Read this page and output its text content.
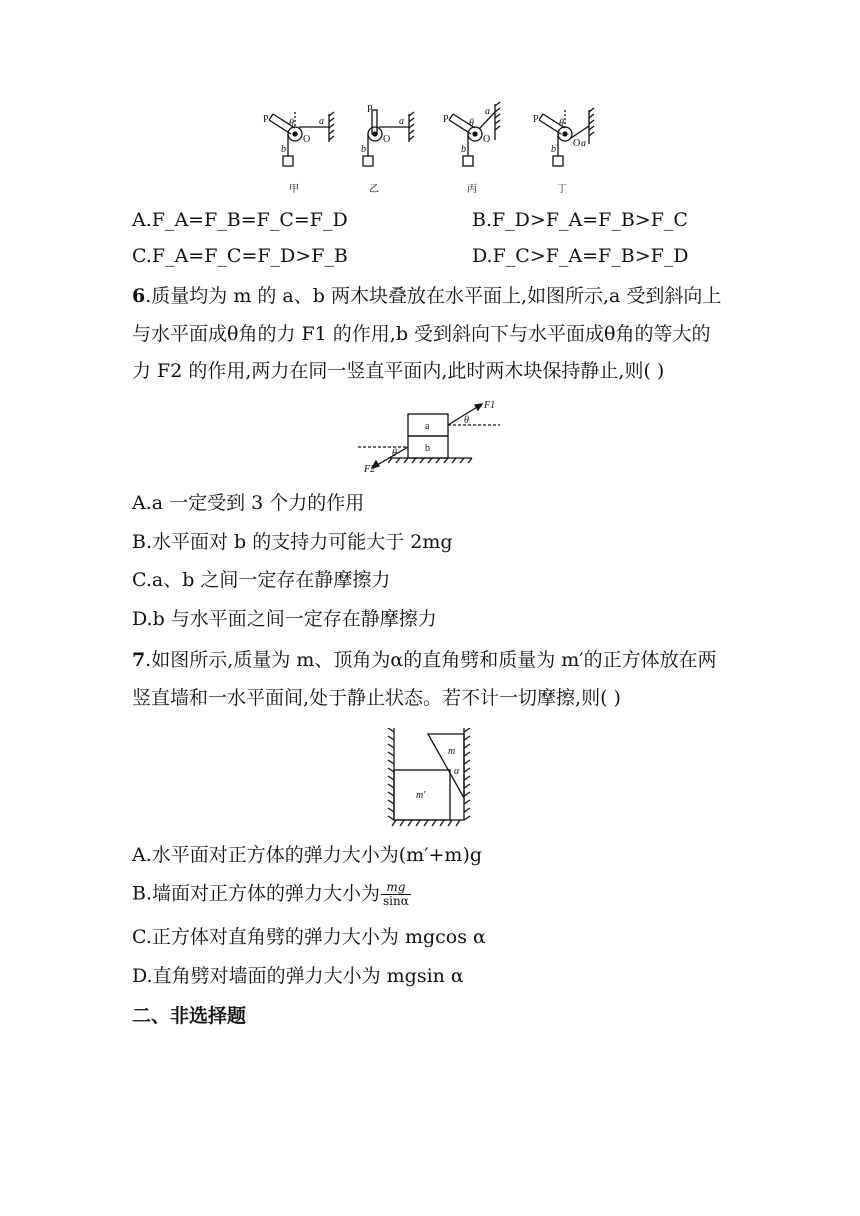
P θ	a
b
O
P
a
b
O
P θ
a
b
O
P θ
a
b
O
甲	乙	丙	丁
A.F_A=F_B=F_C=F_D	B.F_D>F_A=F_B>F_C
C.F_A=F_C=F_D>F_B	D.F_C>F_A=F_B>F_D
6.质量均为 m 的 a、b 两木块叠放在水平面上,如图所示,a 受到斜向上
与水平面成θ角的力 F1 的作用,b 受到斜向下与水平面成θ角的等大的
力 F2 的作用,两力在同一竖直平面内,此时两木块保持静止,则( )
a
b
F1
F2
θ
θ
A.a 一定受到 3 个力的作用
B.水平面对 b 的支持力可能大于 2mg
C.a、b 之间一定存在静摩擦力
D.b 与水平面之间一定存在静摩擦力
7.如图所示,质量为 m、顶角为α的直角劈和质量为 m′的正方体放在两
竖直墙和一水平面间,处于静止状态。若不计一切摩擦,则( )
m
m′
α
A.水平面对正方体的弹力大小为(m′+m)g
B.墙面对正方体的弹力大小为 $\frac{mg}{\sin\alpha}$
C.正方体对直角劈的弹力大小为 mgcos α
D.直角劈对墙面的弹力大小为 mgsin α
二、非选择题
